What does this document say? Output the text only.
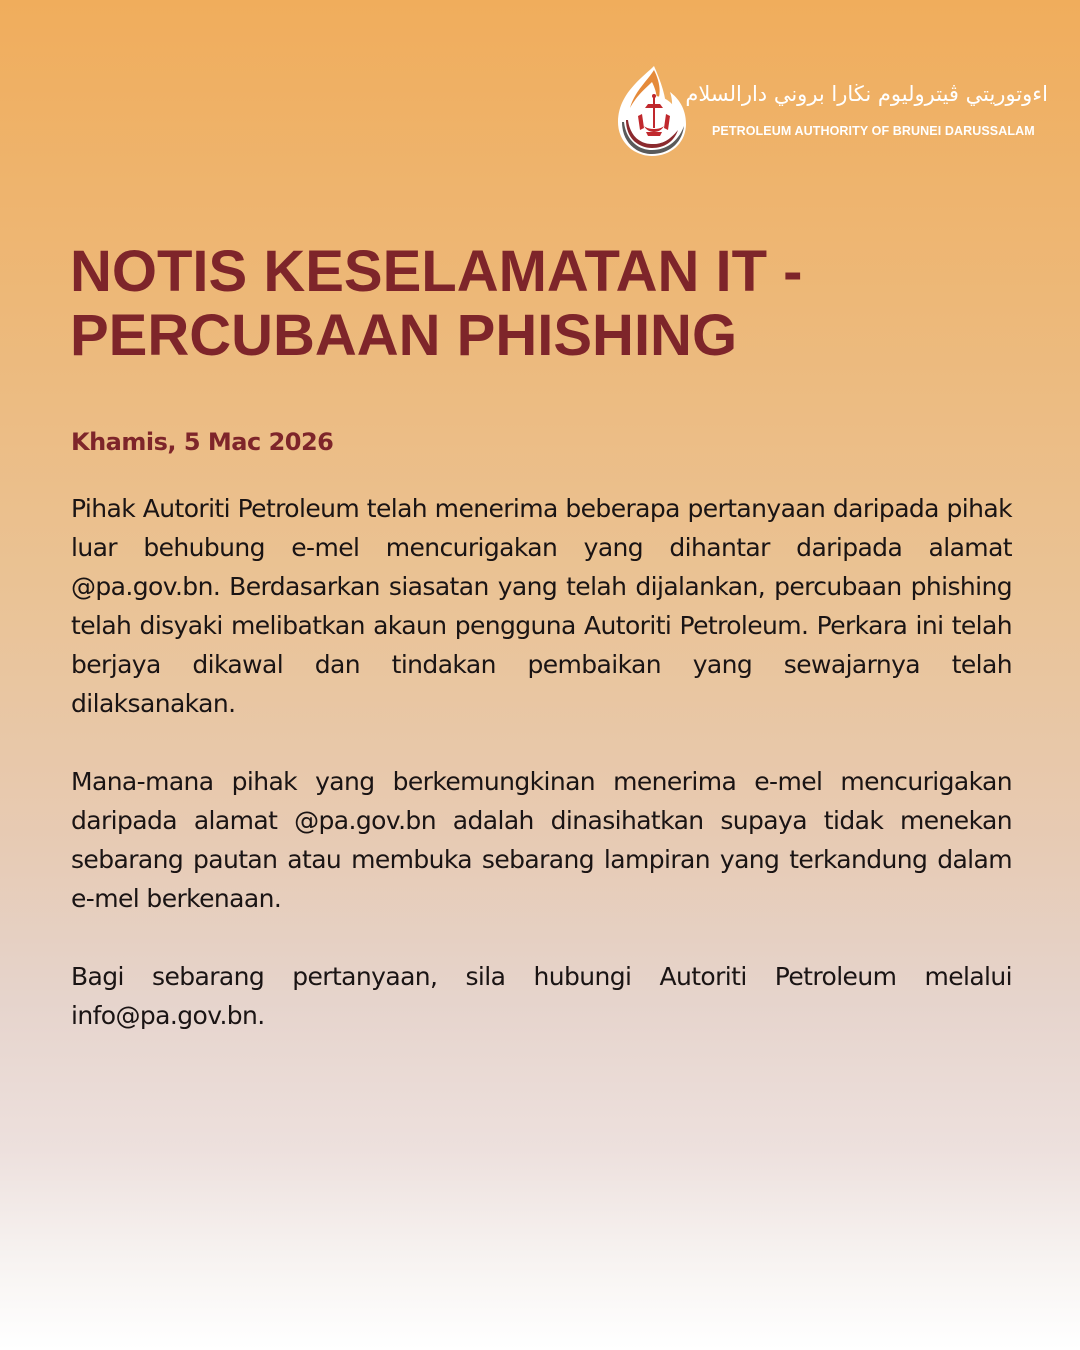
اءوتوريتي ڤيتروليوم نڬارا بروني دارالسلام
PETROLEUM AUTHORITY OF BRUNEI DARUSSALAM
NOTIS KESELAMATAN IT -
PERCUBAAN PHISHING
Khamis, 5 Mac 2026

Pihak Autoriti Petroleum telah menerima beberapa pertanyaan daripada pihak luar behubung e-mel mencurigakan yang dihantar daripada alamat @pa.gov.bn. Berdasarkan siasatan yang telah dijalankan, percubaan phishing telah disyaki melibatkan akaun pengguna Autoriti Petroleum. Perkara ini telah berjaya dikawal dan tindakan pembaikan yang sewajarnya telah dilaksanakan.

Mana-mana pihak yang berkemungkinan menerima e-mel mencurigakan daripada alamat @pa.gov.bn adalah dinasihatkan supaya tidak menekan sebarang pautan atau membuka sebarang lampiran yang terkandung dalam e-mel berkenaan.

Bagi sebarang pertanyaan, sila hubungi Autoriti Petroleum melalui info@pa.gov.bn.
